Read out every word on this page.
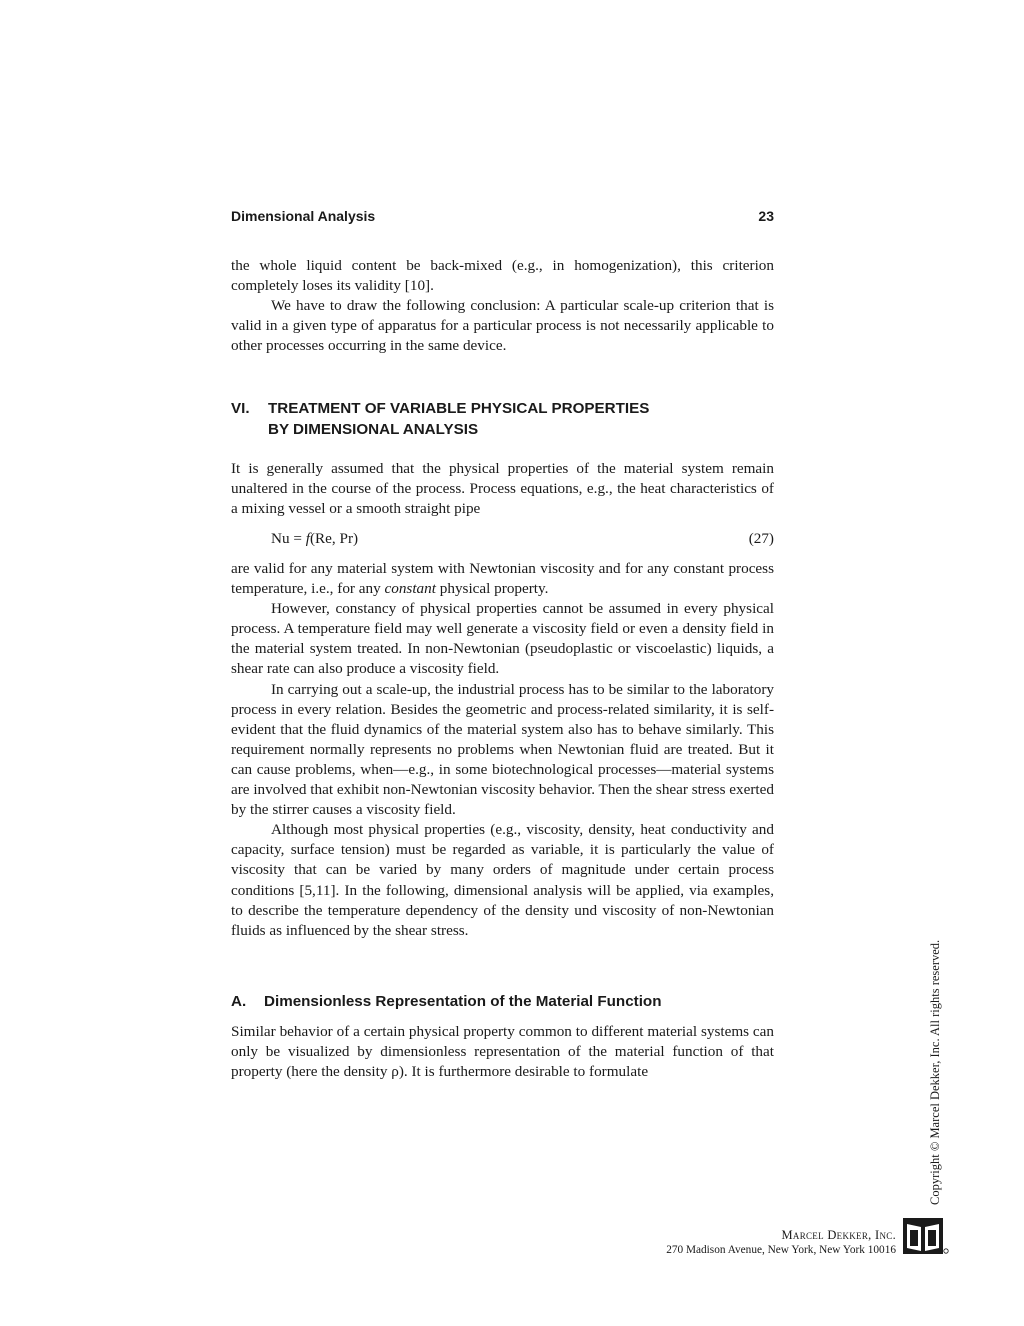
Dimensional Analysis	23

the whole liquid content be back-mixed (e.g., in homogenization), this criterion completely loses its validity [10].

We have to draw the following conclusion: A particular scale-up criterion that is valid in a given type of apparatus for a particular process is not necessarily applicable to other processes occurring in the same device.

VI. TREATMENT OF VARIABLE PHYSICAL PROPERTIES
BY DIMENSIONAL ANALYSIS

It is generally assumed that the physical properties of the material system remain unaltered in the course of the process. Process equations, e.g., the heat characteristics of a mixing vessel or a smooth straight pipe

Nu = f(Re, Pr)	(27)

are valid for any material system with Newtonian viscosity and for any constant process temperature, i.e., for any constant physical property.

However, constancy of physical properties cannot be assumed in every physical process. A temperature field may well generate a viscosity field or even a density field in the material system treated. In non-Newtonian (pseudoplastic or viscoelastic) liquids, a shear rate can also produce a viscosity field.

In carrying out a scale-up, the industrial process has to be similar to the laboratory process in every relation. Besides the geometric and process-related similarity, it is self-evident that the fluid dynamics of the material system also has to behave similarly. This requirement normally represents no problems when Newtonian fluid are treated. But it can cause problems, when—e.g., in some biotechnological processes—material systems are involved that exhibit non-Newtonian viscosity behavior. Then the shear stress exerted by the stirrer causes a viscosity field.

Although most physical properties (e.g., viscosity, density, heat conductivity and capacity, surface tension) must be regarded as variable, it is particularly the value of viscosity that can be varied by many orders of magnitude under certain process conditions [5,11]. In the following, dimensional analysis will be applied, via examples, to describe the temperature dependency of the density und viscosity of non-Newtonian fluids as influenced by the shear stress.

A. Dimensionless Representation of the Material Function

Similar behavior of a certain physical property common to different material systems can only be visualized by dimensionless representation of the material function of that property (here the density ρ). It is furthermore desirable to formulate	Copyright © Marcel Dekker, Inc. All rights reserved.
Marcel Dekker, Inc.
270 Madison Avenue, New York, New York 10016
